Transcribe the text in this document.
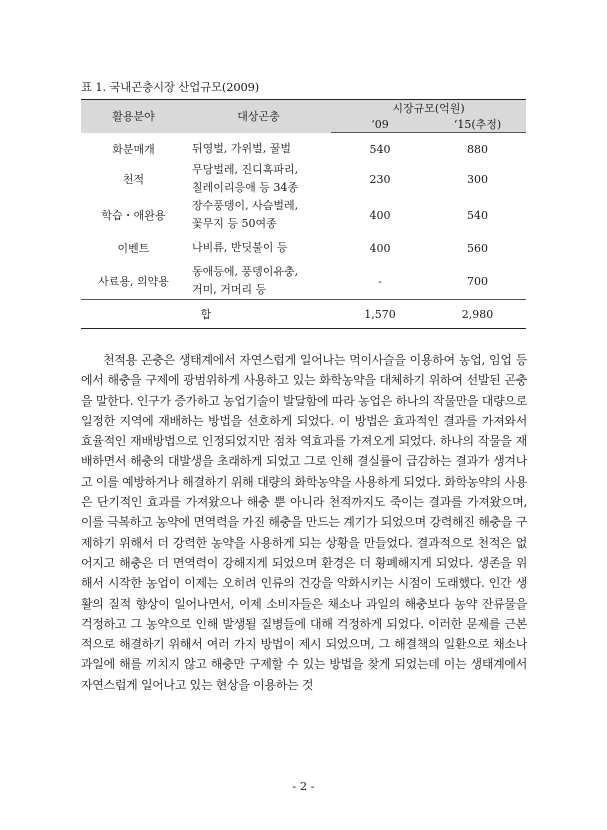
표 1. 국내곤충시장 산업규모(2009)
활용분야	대상곤충	시장규모(억원)	
		‘09	‘15(추정)
화분매개	뒤영벌, 가위벌, 꿀벌	540	880
천적	무당벌레, 진디혹파리,
칠레이리응애 등 34종	230	300
학습・애완용	장수풍뎅이, 사슴벌레,
꽃무지 등 50여종	400	540
이벤트	나비류, 반딧불이 등	400	560
사료용, 의약용	동애등에, 풍뎅이유충,
거미, 거머리 등	-	700
합		1,570	2,980

천적용 곤충은 생태계에서 자연스럽게 일어나는 먹이사슬을 이용하여 농업, 임업 등에서 해충을 구제에 광범위하게 사용하고 있는 화학농약을 대체하기 위하여 선발된 곤충을 말한다. 인구가 증가하고 농업기술이 발달함에 따라 농업은 하나의 작물만을 대량으로 일정한 지역에 재배하는 방법을 선호하게 되었다. 이 방법은 효과적인 결과를 가져와서 효율적인 재배방법으로 인정되었지만 점차 역효과를 가져오게 되었다. 하나의 작물을 재배하면서 해충의 대발생을 초래하게 되었고 그로 인해 결실률이 급감하는 결과가 생겨나고 이를 예방하거나 해결하기 위해 대량의 화학농약을 사용하게 되었다. 화학농약의 사용은 단기적인 효과를 가져왔으나 해충 뿐 아니라 천적까지도 죽이는 결과를 가져왔으며, 이를 극복하고 농약에 면역력을 가진 해충을 만드는 계기가 되었으며 강력해진 해충을 구제하기 위해서 더 강력한 농약을 사용하게 되는 상황을 만들었다. 결과적으로 천적은 없어지고 해충은 더 면역력이 강해지게 되었으며 환경은 더 황폐해지게 되었다. 생존을 위해서 시작한 농업이 이제는 오히려 인류의 건강을 악화시키는 시점이 도래했다. 인간 생활의 질적 향상이 일어나면서, 이제 소비자들은 채소나 과일의 해충보다 농약 잔류물을 걱정하고 그 농약으로 인해 발생될 질병들에 대해 걱정하게 되었다. 이러한 문제를 근본적으로 해결하기 위해서 여러 가지 방법이 제시 되었으며, 그 해결책의 일환으로 채소나 과일에 해를 끼치지 않고 해충만 구제할 수 있는 방법을 찾게 되었는데 이는 생태계에서 자연스럽게 일어나고 있는 현상을 이용하는 것

- 2 -
